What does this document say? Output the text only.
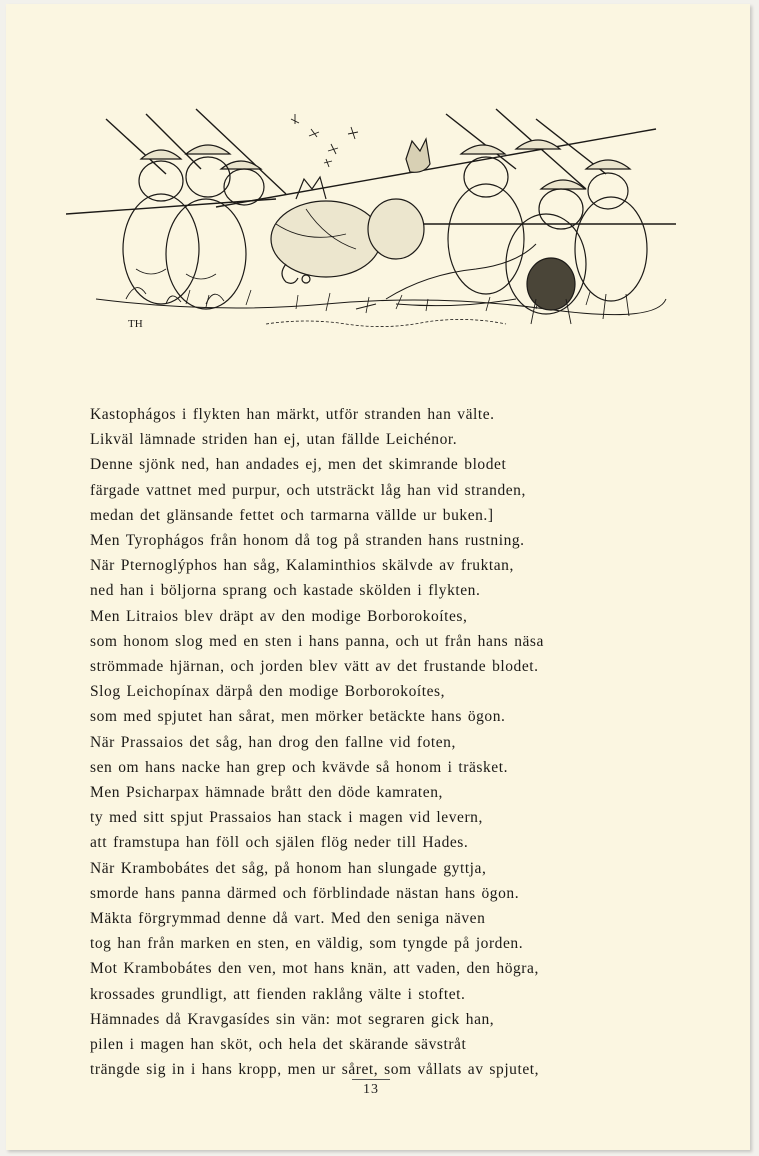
TH

Kastophágos i flykten han märkt, utför stranden han välte.

Likväl lämnade striden han ej, utan fällde Leichénor.

Denne sjönk ned, han andades ej, men det skimrande blodet

färgade vattnet med purpur, och utsträckt låg han vid stranden,

medan det glänsande fettet och tarmarna vällde ur buken.]

Men Tyrophágos från honom då tog på stranden hans rustning.

När Pternoglýphos han såg, Kalaminthios skälvde av fruktan,

ned han i böljorna sprang och kastade skölden i flykten.

Men Litraios blev dräpt av den modige Borborokoítes,

som honom slog med en sten i hans panna, och ut från hans näsa

strömmade hjärnan, och jorden blev vätt av det frustande blodet.

Slog Leichopínax därpå den modige Borborokoítes,

som med spjutet han sårat, men mörker betäckte hans ögon.

När Prassaios det såg, han drog den fallne vid foten,

sen om hans nacke han grep och kvävde så honom i träsket.

Men Psicharpax hämnade brått den döde kamraten,

ty med sitt spjut Prassaios han stack i magen vid levern,

att framstupa han föll och själen flög neder till Hades.

När Krambobátes det såg, på honom han slungade gyttja,

smorde hans panna därmed och förblindade nästan hans ögon.

Mäkta förgrymmad denne då vart. Med den seniga näven

tog han från marken en sten, en väldig, som tyngde på jorden.

Mot Krambobátes den ven, mot hans knän, att vaden, den högra,

krossades grundligt, att fienden raklång välte i stoftet.

Hämnades då Kravgasídes sin vän: mot segraren gick han,

pilen i magen han sköt, och hela det skärande sävstråt

trängde sig in i hans kropp, men ur såret, som vållats av spjutet,

13
